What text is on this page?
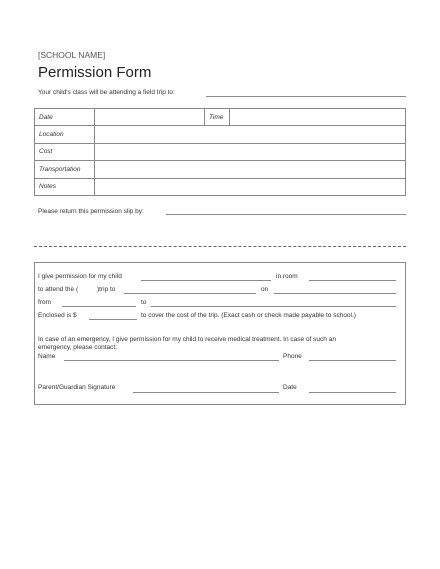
[SCHOOL NAME]
Permission Form
Your child's class will be attending a field trip to:
Date		Time	
Location			
Cost			
Transportation			
Notes			
Please return this permission slip by:
I give permission for my child	in room
to attend the (	)trip to	on
from	to
Enclosed is $	to cover the cost of the trip. (Exact cash or check made payable to school.)
In case of an emergency, I give permission for my child to receive medical treatment. In case of such an
emergency, please contact:
Name	Phone
Parent/Guardian Signature	Date
